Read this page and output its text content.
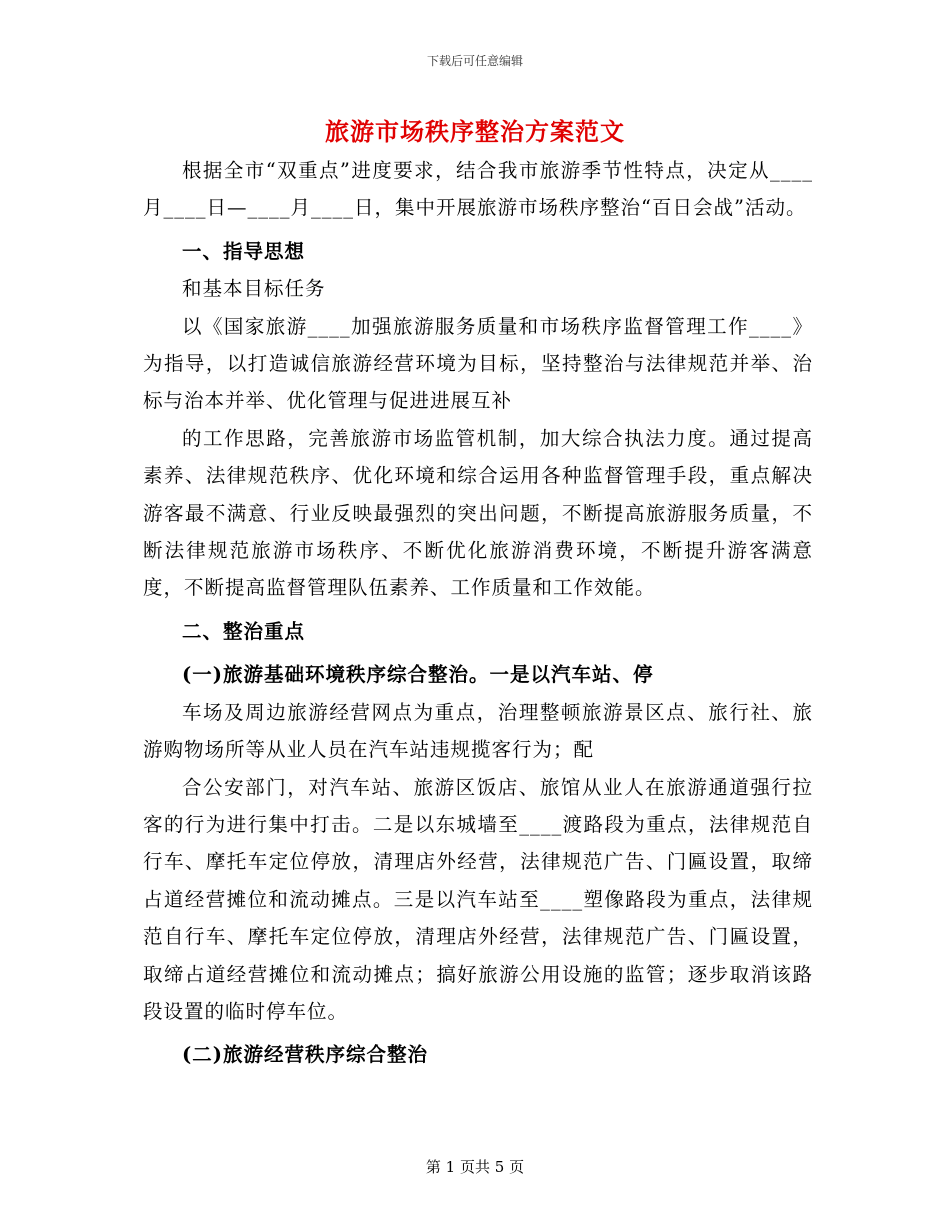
下载后可任意编辑
旅游市场秩序整治方案范文

根据全市“双重点”进度要求，结合我市旅游季节性特点，决定从____月____日—____月____日，集中开展旅游市场秩序整治“百日会战”活动。

一、指导思想

和基本目标任务

以《国家旅游____加强旅游服务质量和市场秩序监督管理工作____》为指导，以打造诚信旅游经营环境为目标，坚持整治与法律规范并举、治标与治本并举、优化管理与促进进展互补

的工作思路，完善旅游市场监管机制，加大综合执法力度。通过提高素养、法律规范秩序、优化环境和综合运用各种监督管理手段，重点解决游客最不满意、行业反映最强烈的突出问题，不断提高旅游服务质量，不断法律规范旅游市场秩序、不断优化旅游消费环境，不断提升游客满意度，不断提高监督管理队伍素养、工作质量和工作效能。

二、整治重点

(一)旅游基础环境秩序综合整治。一是以汽车站、停

车场及周边旅游经营网点为重点，治理整顿旅游景区点、旅行社、旅游购物场所等从业人员在汽车站违规揽客行为；配

合公安部门，对汽车站、旅游区饭店、旅馆从业人在旅游通道强行拉客的行为进行集中打击。二是以东城墙至____渡路段为重点，法律规范自行车、摩托车定位停放，清理店外经营，法律规范广告、门匾设置，取缔占道经营摊位和流动摊点。三是以汽车站至____塑像路段为重点，法律规范自行车、摩托车定位停放，清理店外经营，法律规范广告、门匾设置，取缔占道经营摊位和流动摊点；搞好旅游公用设施的监管；逐步取消该路段设置的临时停车位。

(二)旅游经营秩序综合整治

第 1 页共 5 页
